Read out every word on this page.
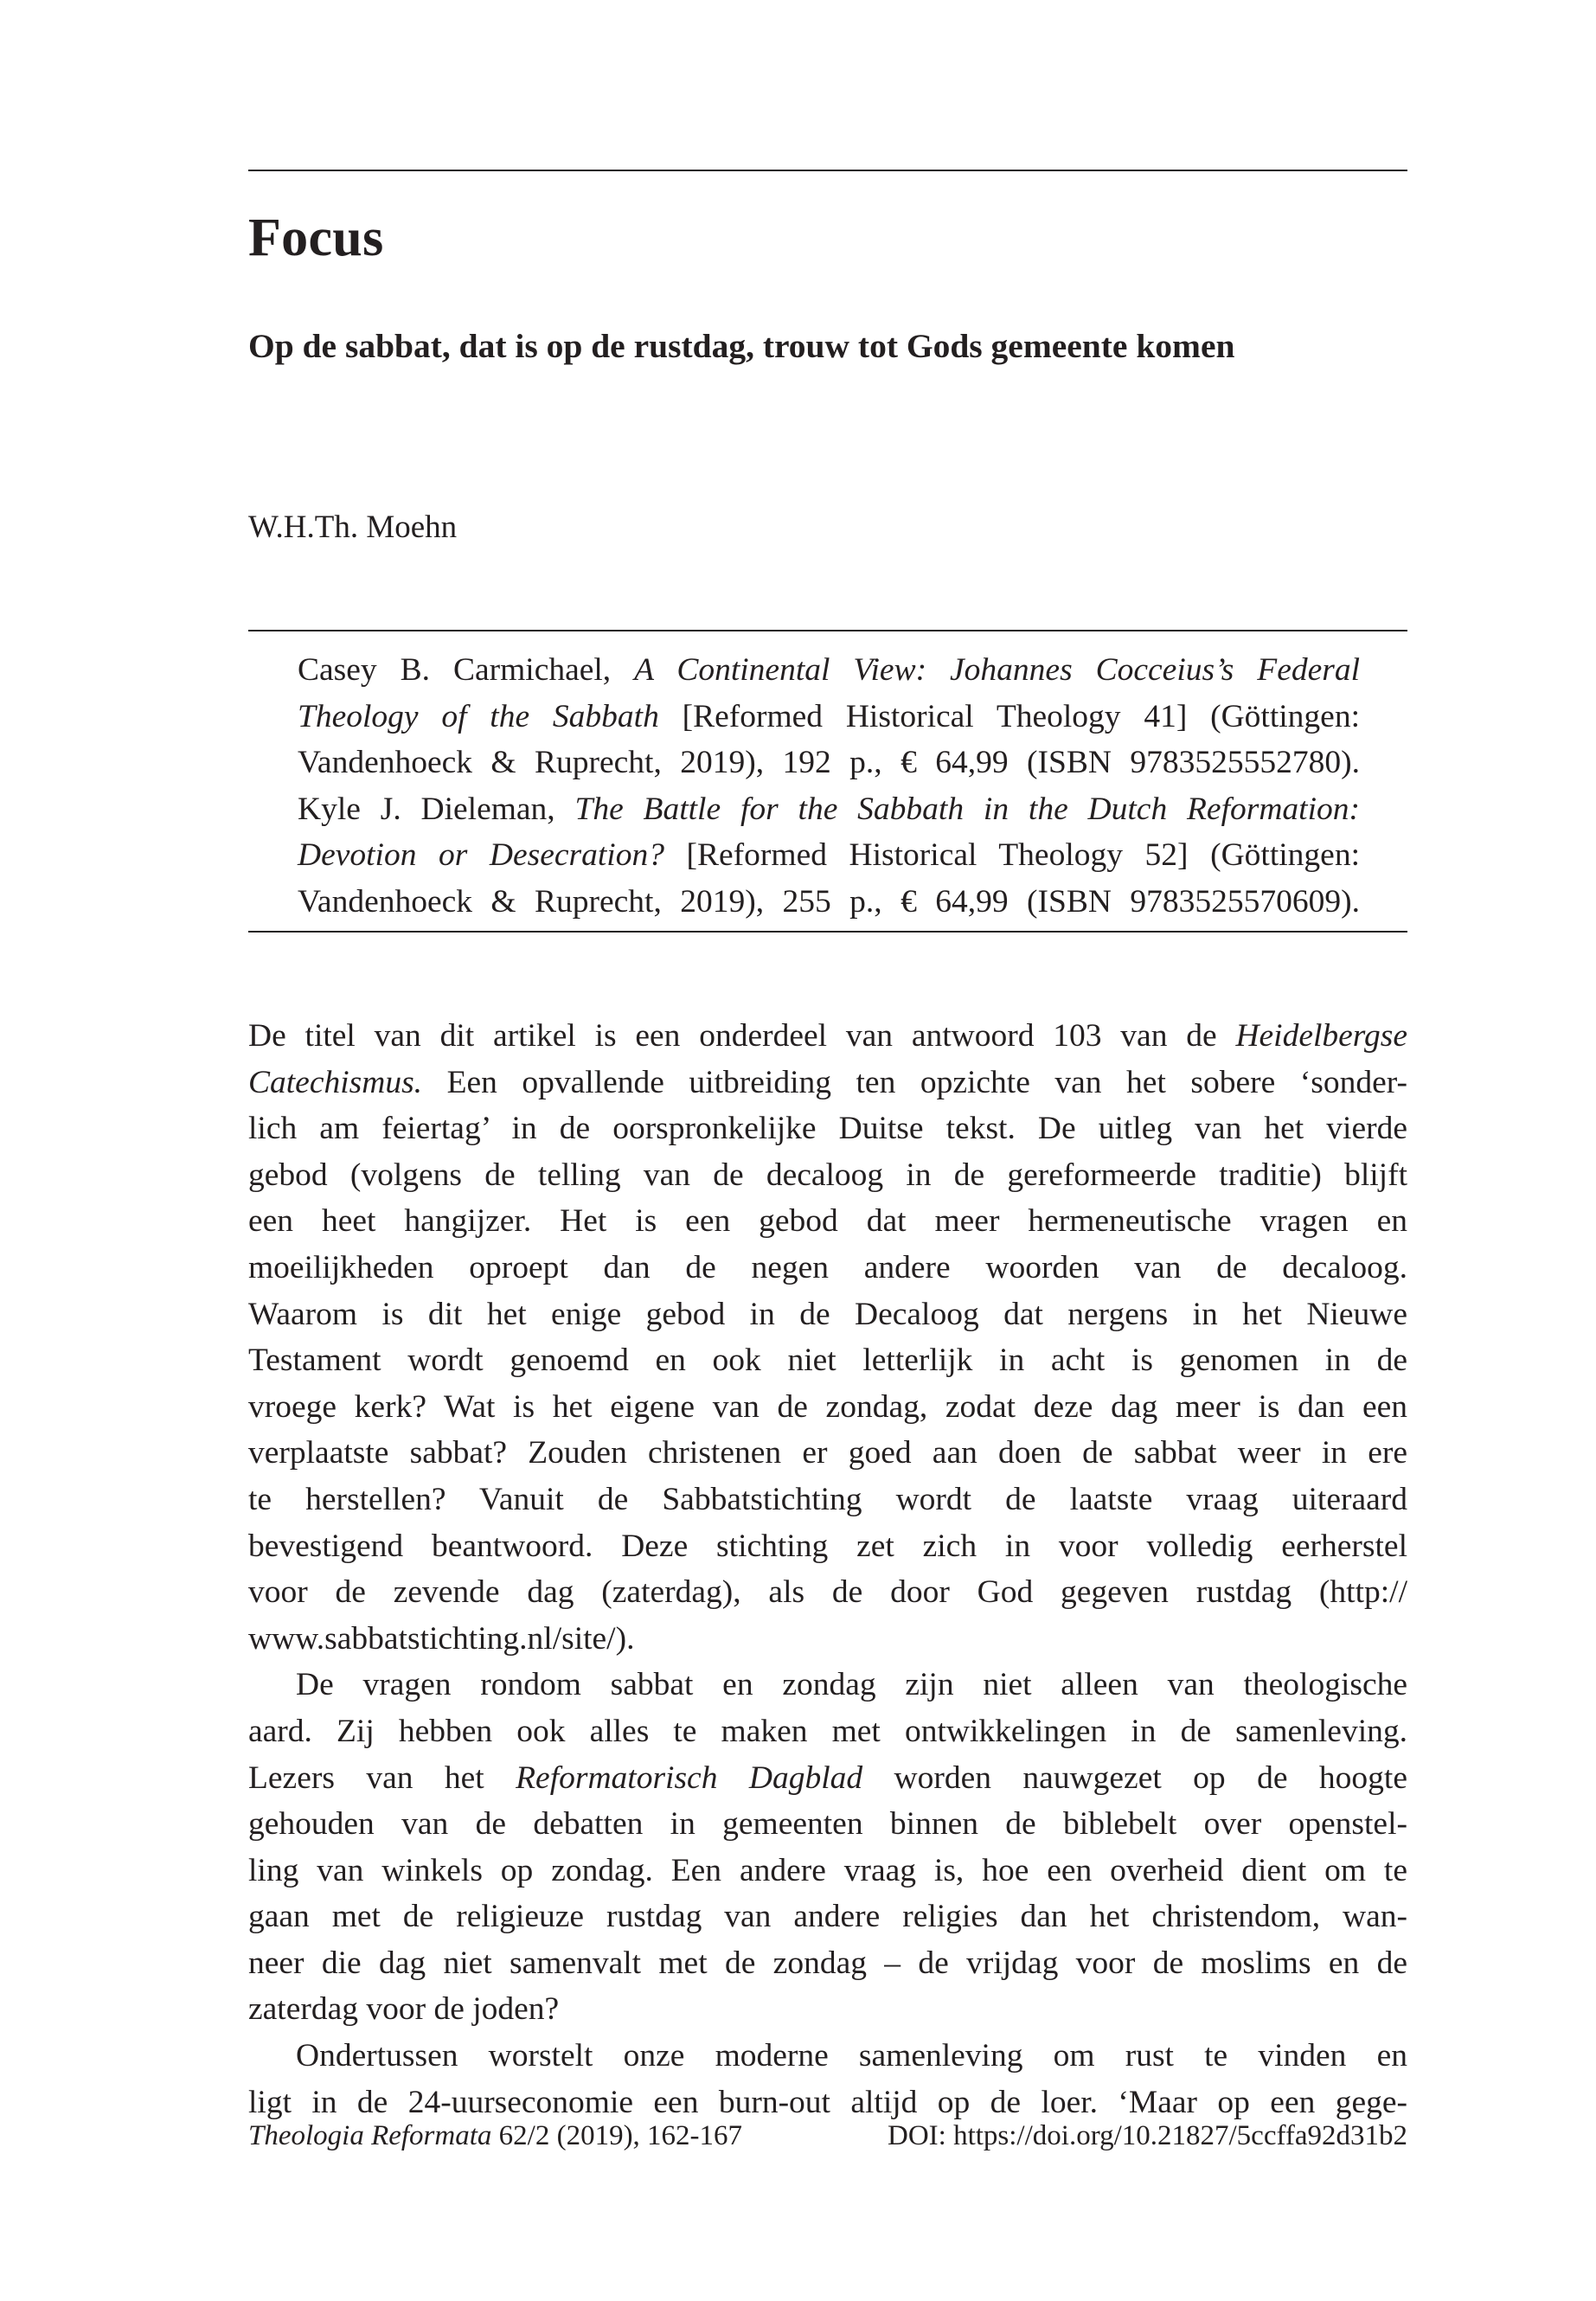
Focus
Op de sabbat, dat is op de rustdag, trouw tot Gods gemeente komen
W.H.Th. Moehn
Casey B. Carmichael, A Continental View: Johannes Cocceius’s Federal
Theology of the Sabbath [Reformed Historical Theology 41] (Göttingen:
Vandenhoeck & Ruprecht, 2019), 192 p., € 64,99 (ISBN 9783525552780).
Kyle J. Dieleman, The Battle for the Sabbath in the Dutch Reformation:
Devotion or Desecration? [Reformed Historical Theology 52] (Göttingen:
Vandenhoeck & Ruprecht, 2019), 255 p., € 64,99 (ISBN 9783525570609).
De titel van dit artikel is een onderdeel van antwoord 103 van de Heidelbergse
Catechismus. Een opvallende uitbreiding ten opzichte van het sobere ‘sonder-
lich am feiertag’ in de oorspronkelijke Duitse tekst. De uitleg van het vierde
gebod (volgens de telling van de decaloog in de gereformeerde traditie) blijft
een heet hangijzer. Het is een gebod dat meer hermeneutische vragen en
moeilijkheden oproept dan de negen andere woorden van de decaloog.
Waarom is dit het enige gebod in de Decaloog dat nergens in het Nieuwe
Testament wordt genoemd en ook niet letterlijk in acht is genomen in de
vroege kerk? Wat is het eigene van de zondag, zodat deze dag meer is dan een
verplaatste sabbat? Zouden christenen er goed aan doen de sabbat weer in ere
te herstellen? Vanuit de Sabbatstichting wordt de laatste vraag uiteraard
bevestigend beantwoord. Deze stichting zet zich in voor volledig eerherstel
voor de zevende dag (zaterdag), als de door God gegeven rustdag (http://
www.sabbatstichting.nl/site/).
De vragen rondom sabbat en zondag zijn niet alleen van theologische
aard. Zij hebben ook alles te maken met ontwikkelingen in de samenleving.
Lezers van het Reformatorisch Dagblad worden nauwgezet op de hoogte
gehouden van de debatten in gemeenten binnen de biblebelt over openstel-
ling van winkels op zondag. Een andere vraag is, hoe een overheid dient om te
gaan met de religieuze rustdag van andere religies dan het christendom, wan-
neer die dag niet samenvalt met de zondag – de vrijdag voor de moslims en de
zaterdag voor de joden?
Ondertussen worstelt onze moderne samenleving om rust te vinden en
ligt in de 24-uurseconomie een burn-out altijd op de loer. ‘Maar op een gege-
Theologia Reformata 62/2 (2019), 162-167	DOI: https://doi.org/10.21827/5ccffa92d31b2
